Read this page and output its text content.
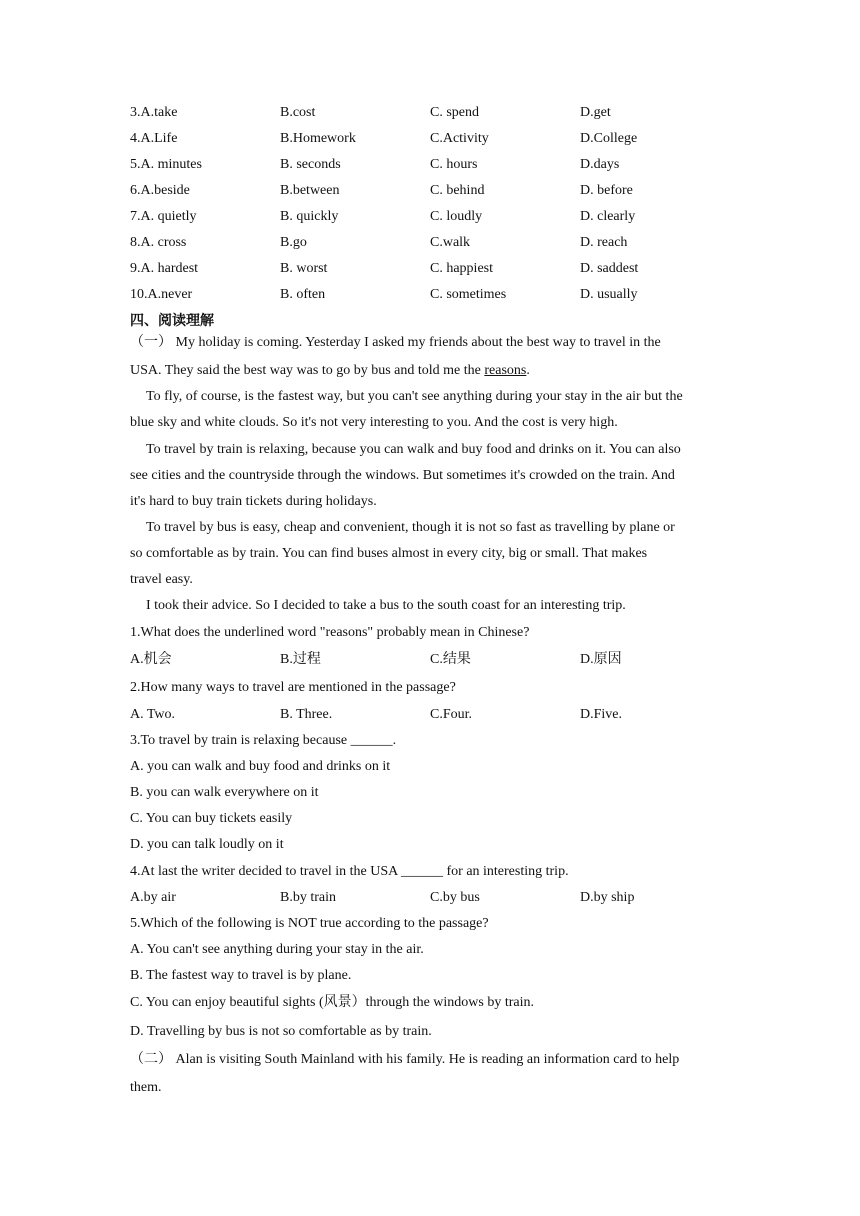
3.A.take	B.cost	C. spend	D.get
4.A.Life	B.Homework	C.Activity	D.College
5.A. minutes	B. seconds	C. hours	D.days
6.A.beside	B.between	C. behind	D. before
7.A. quietly	B. quickly	C. loudly	D. clearly
8.A. cross	B.go	C.walk	D. reach
9.A. hardest	B. worst	C. happiest	D. saddest
10.A.never	B. often	C. sometimes	D. usually
四、阅读理解
（一） My holiday is coming. Yesterday I asked my friends about the best way to travel in the
USA. They said the best way was to go by bus and told me the reasons.
To fly, of course, is the fastest way, but you can't see anything during your stay in the air but the
blue sky and white clouds. So it's not very interesting to you. And the cost is very high.
To travel by train is relaxing, because you can walk and buy food and drinks on it. You can also
see cities and the countryside through the windows. But sometimes it's crowded on the train. And
it's hard to buy train tickets during holidays.
To travel by bus is easy, cheap and convenient, though it is not so fast as travelling by plane or
so comfortable as by train. You can find buses almost in every city, big or small. That makes
travel easy.
I took their advice. So I decided to take a bus to the south coast for an interesting trip.
1.What does the underlined word "reasons" probably mean in Chinese?
A.机会	B.过程	C.结果	D.原因
2.How many ways to travel are mentioned in the passage?
A. Two.	B. Three.	C.Four.	D.Five.
3.To travel by train is relaxing because ______.
A. you can walk and buy food and drinks on it
B. you can walk everywhere on it
C. You can buy tickets easily
D. you can talk loudly on it
4.At last the writer decided to travel in the USA ______ for an interesting trip.
A.by air	B.by train	C.by bus	D.by ship
5.Which of the following is NOT true according to the passage?
A. You can't see anything during your stay in the air.
B. The fastest way to travel is by plane.
C. You can enjoy beautiful sights (风景）through the windows by train.
D. Travelling by bus is not so comfortable as by train.
（二） Alan is visiting South Mainland with his family. He is reading an information card to help
them.
